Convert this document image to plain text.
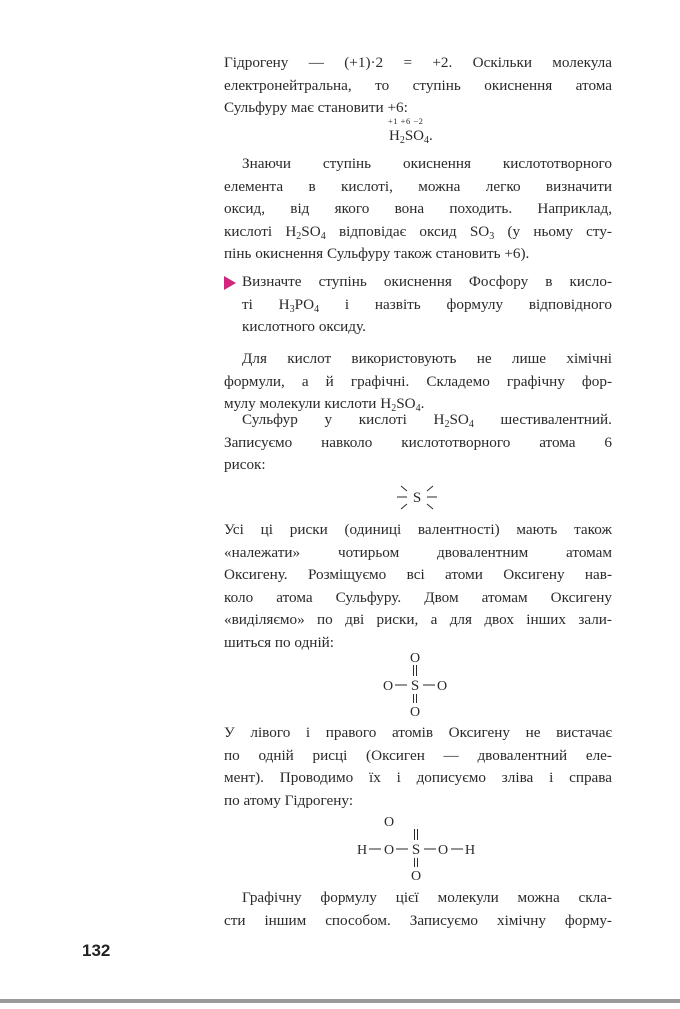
Гідрогену — (+1)·2 = +2. Оскільки молекула
електронейтральна, то ступінь окиснення атома
Сульфуру має становити +6:
+1 +6 −2
$H_2SO_4$.
Знаючи ступінь окиснення кислототворного
елемента в кислоті, можна легко визначити
оксид, від якого вона походить. Наприклад,
кислоті $H_2SO_4$ відповідає оксид $SO_3$ (у ньому сту-
пінь окиснення Сульфуру також становить +6).
Визначте ступінь окиснення Фосфору в кисло-
ті $H_3PO_4$ і назвіть формулу відповідного
кислотного оксиду.
Для кислот використовують не лише хімічні
формули, а й графічні. Складемо графічну фор-
мулу молекули кислоти $H_2SO_4$.
Сульфур у кислоті $H_2SO_4$ шестивалентний.
Записуємо навколо кислототворного атома 6
рисок:
S
Усі ці риски (одиниці валентності) мають також
«належати» чотирьом двовалентним атомам
Оксигену. Розміщуємо всі атоми Оксигену нав-
коло атома Сульфуру. Двом атомам Оксигену
«виділяємо» по дві риски, а для двох інших зали-
шиться по одній:
O
O S O
O
У лівого і правого атомів Оксигену не вистачає
по одній рисці (Оксиген — двовалентний еле-
мент). Проводимо їх і дописуємо зліва і справа
по атому Гідрогену:
O
H O S O H
O
Графічну формулу цієї молекули можна скла-
сти іншим способом. Записуємо хімічну форму-
132
